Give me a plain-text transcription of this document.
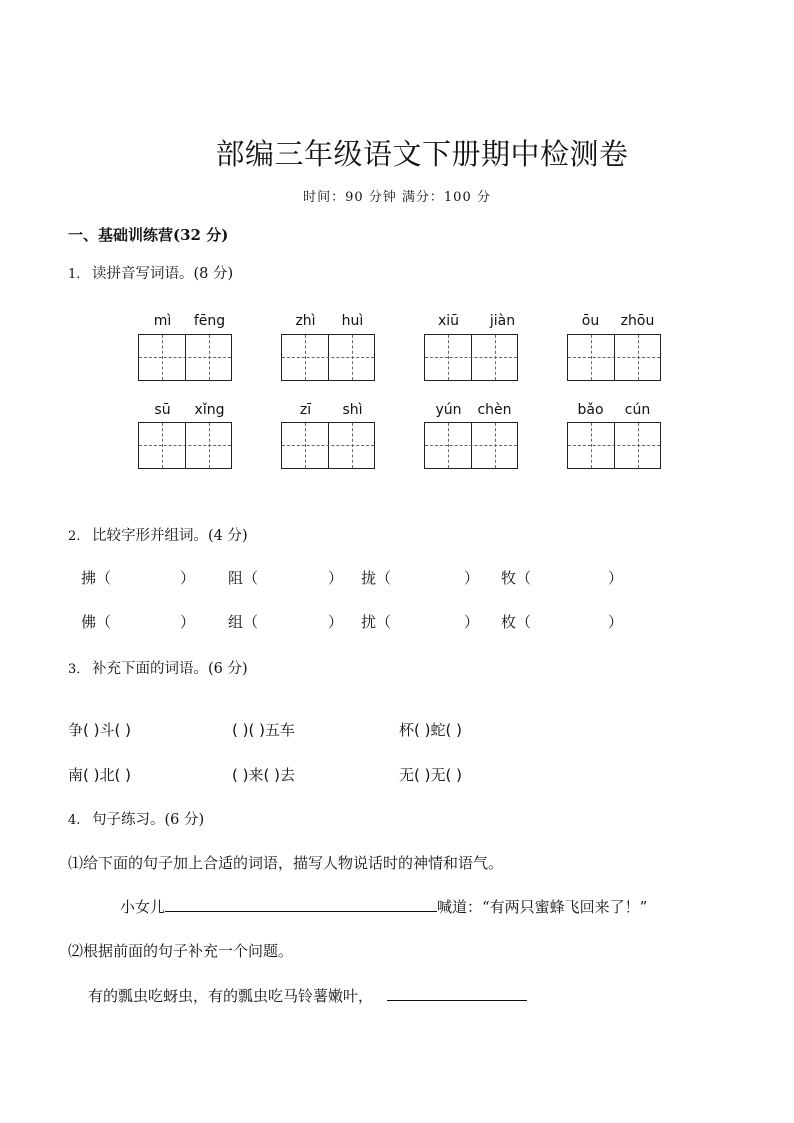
部编三年级语文下册期中检测卷
时间：90 分钟 满分：100 分
一、基础训练营(32 分)
1. 读拼音写词语。(8 分)
mì	fēng	zhì	huì	xiū	jiàn	ōu	zhōu
sū	xǐng	zī	shì	yún	chèn	bǎo	cún
2. 比较字形并组词。(4 分)
拂（	） 阻（	） 拢（	） 牧（	）
佛（	） 组（	） 扰（	） 枚（	）
3． 补充下面的词语。(6 分)
争( )斗( )	( )( )五车	杯( )蛇( )
南( )北( )	( )来( )去	无( )无( )
4. 句子练习。(6 分)
⑴给下面的句子加上合适的词语，描写人物说话时的神情和语气。
小女儿	喊道：“有两只蜜蜂飞回来了！”
⑵根据前面的句子补充一个问题。
有的瓢虫吃蚜虫，有的瓢虫吃马铃薯嫩叶，
